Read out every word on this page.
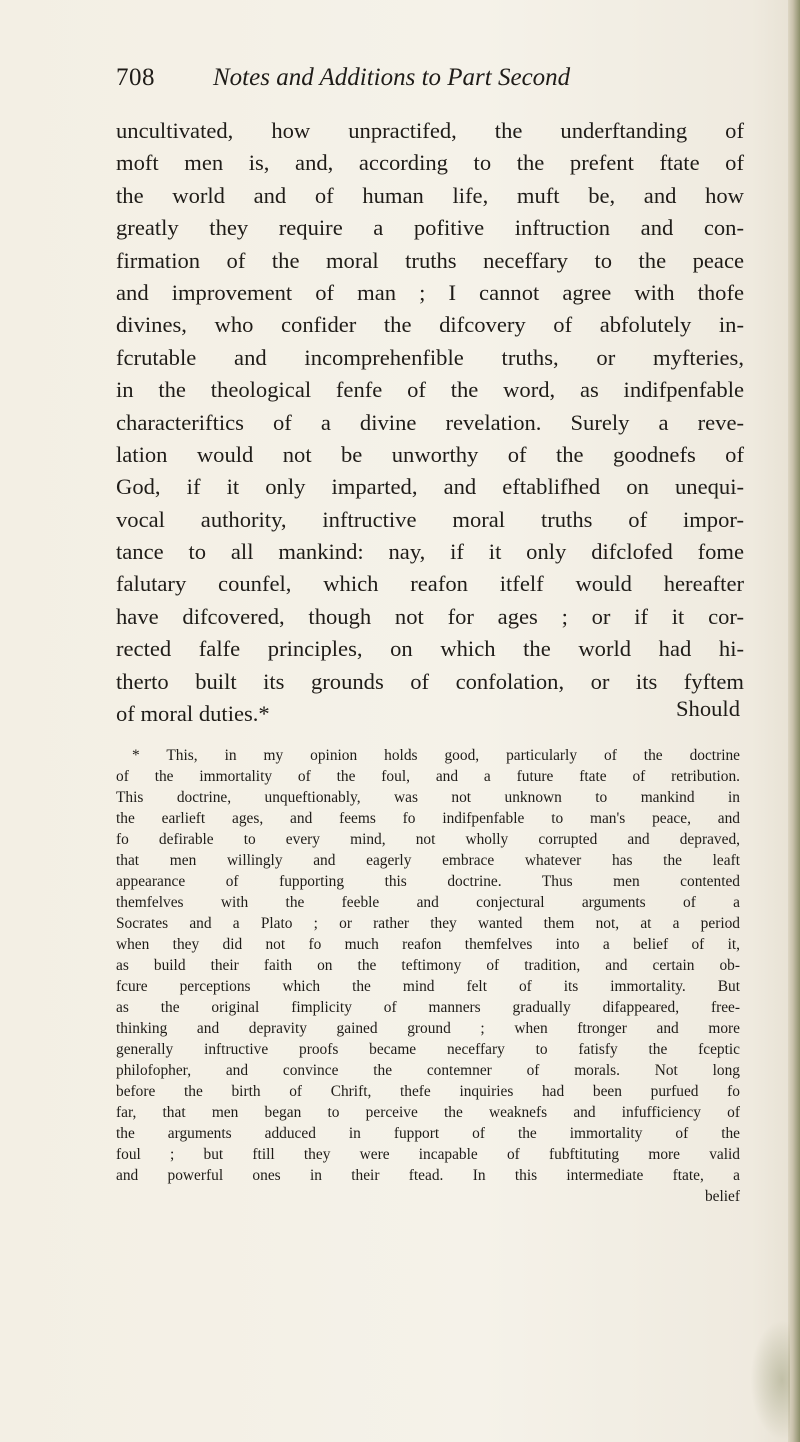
708 Notes and Additions to Part Second
uncultivated, how unpractifed, the underftanding of
moft men is, and, according to the prefent ftate of
the world and of human life, muft be, and how
greatly they require a pofitive inftruction and con-
firmation of the moral truths neceffary to the peace
and improvement of man ; I cannot agree with thofe
divines, who confider the difcovery of abfolutely in-
fcrutable and incomprehenfible truths, or myfteries,
in the theological fenfe of the word, as indifpenfable
characteriftics of a divine revelation. Surely a reve-
lation would not be unworthy of the goodnefs of
God, if it only imparted, and eftablifhed on unequi-
vocal authority, inftructive moral truths of impor-
tance to all mankind: nay, if it only difclofed fome
falutary counfel, which reafon itfelf would hereafter
have difcovered, though not for ages ; or if it cor-
rected falfe principles, on which the world had hi-
therto built its grounds of confolation, or its fyftem
of moral duties.*	Should
* This, in my opinion holds good, particularly of the doctrine
of the immortality of the foul, and a future ftate of retribution.
This doctrine, unqueftionably, was not unknown to mankind in
the earlieft ages, and feems fo indifpenfable to man's peace, and
fo defirable to every mind, not wholly corrupted and depraved,
that men willingly and eagerly embrace whatever has the leaft
appearance of fupporting this doctrine. Thus men contented
themfelves with the feeble and conjectural arguments of a
Socrates and a Plato ; or rather they wanted them not, at a period
when they did not fo much reafon themfelves into a belief of it,
as build their faith on the teftimony of tradition, and certain ob-
fcure perceptions which the mind felt of its immortality. But
as the original fimplicity of manners gradually difappeared, free-
thinking and depravity gained ground ; when ftronger and more
generally inftructive proofs became neceffary to fatisfy the fceptic
philofopher, and convince the contemner of morals. Not long
before the birth of Chrift, thefe inquiries had been purfued fo
far, that men began to perceive the weaknefs and infufficiency of
the arguments adduced in fupport of the immortality of the
foul ; but ftill they were incapable of fubftituting more valid
and powerful ones in their ftead. In this intermediate ftate, a
belief
